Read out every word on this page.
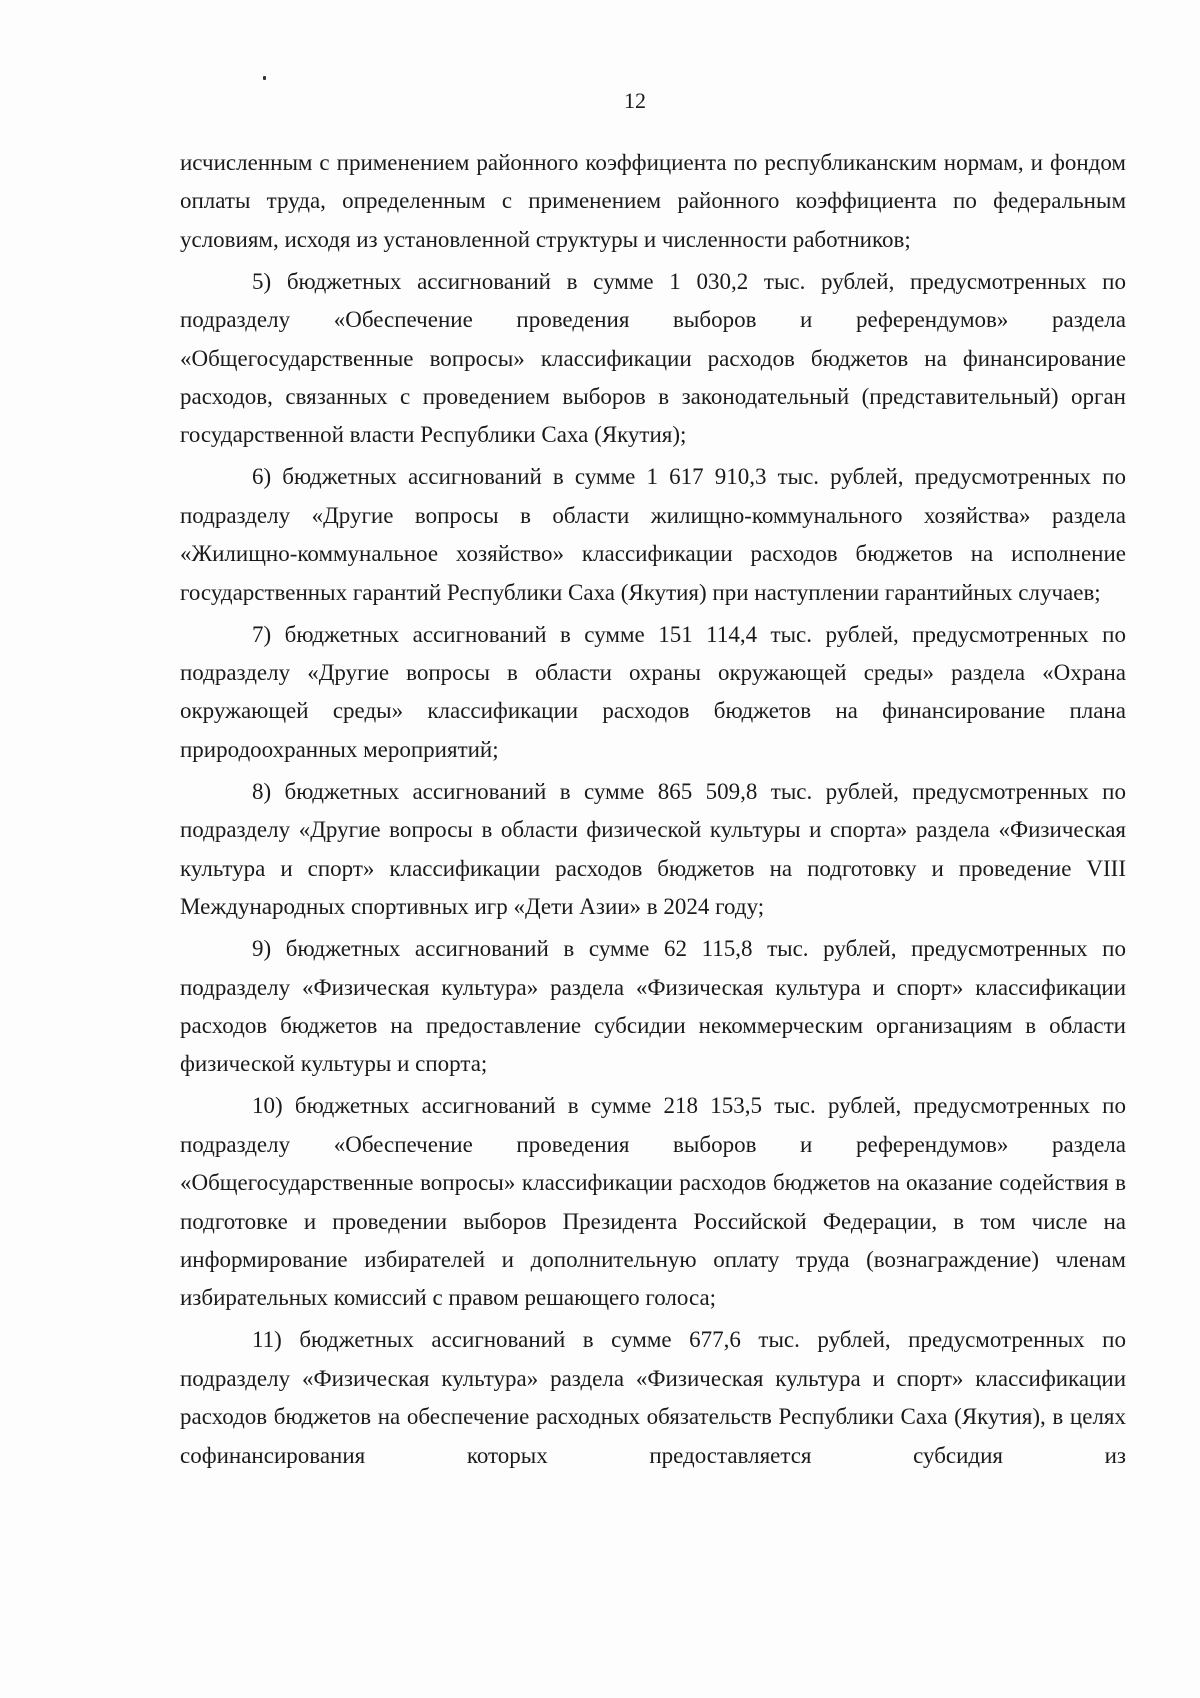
12

исчисленным с применением районного коэффициента по республиканским нормам, и фондом оплаты труда, определенным с применением районного коэффициента по федеральным условиям, исходя из установленной структуры и численности работников;

5) бюджетных ассигнований в сумме 1 030,2 тыс. рублей, предусмотренных по подразделу «Обеспечение проведения выборов и референдумов» раздела «Общегосударственные вопросы» классификации расходов бюджетов на финансирование расходов, связанных с проведением выборов в законодательный (представительный) орган государственной власти Республики Саха (Якутия);

6) бюджетных ассигнований в сумме 1 617 910,3 тыс. рублей, предусмотренных по подразделу «Другие вопросы в области жилищно-коммунального хозяйства» раздела «Жилищно-коммунальное хозяйство» классификации расходов бюджетов на исполнение государственных гарантий Республики Саха (Якутия) при наступлении гарантийных случаев;

7) бюджетных ассигнований в сумме 151 114,4 тыс. рублей, предусмотренных по подразделу «Другие вопросы в области охраны окружающей среды» раздела «Охрана окружающей среды» классификации расходов бюджетов на финансирование плана природоохранных мероприятий;

8) бюджетных ассигнований в сумме 865 509,8 тыс. рублей, предусмотренных по подразделу «Другие вопросы в области физической культуры и спорта» раздела «Физическая культура и спорт» классификации расходов бюджетов на подготовку и проведение VIII Международных спортивных игр «Дети Азии» в 2024 году;

9) бюджетных ассигнований в сумме 62 115,8 тыс. рублей, предусмотренных по подразделу «Физическая культура» раздела «Физическая культура и спорт» классификации расходов бюджетов на предоставление субсидии некоммерческим организациям в области физической культуры и спорта;

10) бюджетных ассигнований в сумме 218 153,5 тыс. рублей, предусмотренных по подразделу «Обеспечение проведения выборов и референдумов» раздела «Общегосударственные вопросы» классификации расходов бюджетов на оказание содействия в подготовке и проведении выборов Президента Российской Федерации, в том числе на информирование избирателей и дополнительную оплату труда (вознаграждение) членам избирательных комиссий с правом решающего голоса;

11) бюджетных ассигнований в сумме 677,6 тыс. рублей, предусмотренных по подразделу «Физическая культура» раздела «Физическая культура и спорт» классификации расходов бюджетов на обеспечение расходных обязательств Республики Саха (Якутия), в целях софинансирования которых предоставляется субсидия из
